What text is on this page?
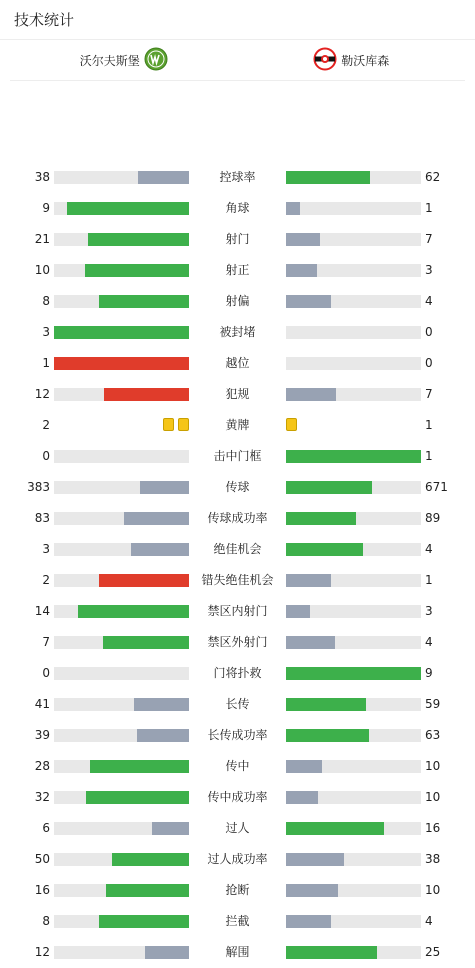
技术统计
沃尔夫斯堡	勒沃库森
38	控球率	62
9	角球	1
21	射门	7
10	射正	3
8	射偏	4
3	被封堵	0
1	越位	0
12	犯规	7
2	黄牌	1
0	击中门框	1
383	传球	671
83	传球成功率	89
3	绝佳机会	4
2	错失绝佳机会	1
14	禁区内射门	3
7	禁区外射门	4
0	门将扑救	9
41	长传	59
39	长传成功率	63
28	传中	10
32	传中成功率	10
6	过人	16
50	过人成功率	38
16	抢断	10
8	拦截	4
12	解围	25
